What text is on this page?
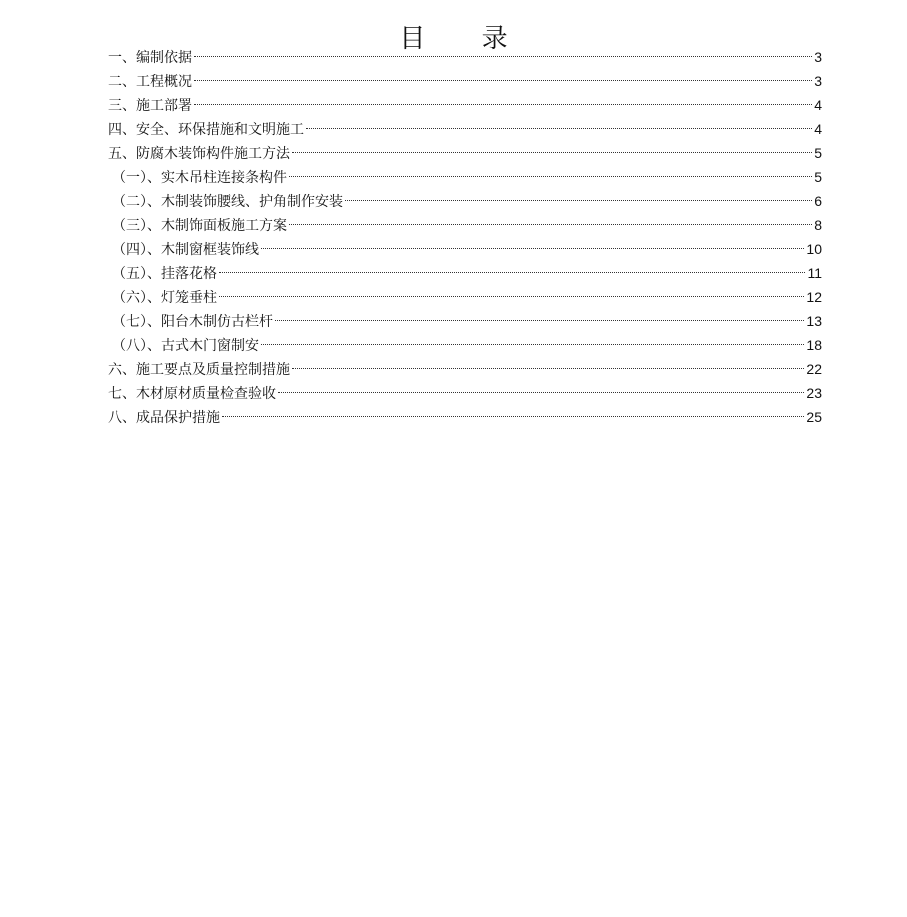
目 录
一、编制依据	3
二、工程概况	3
三、施工部署	4
四、安全、环保措施和文明施工	4
五、防腐木装饰构件施工方法	5
（一）、实木吊柱连接条构件	5
（二）、木制装饰腰线、护角制作安装	6
（三）、木制饰面板施工方案	8
（四）、木制窗框装饰线	10
（五）、挂落花格	11
（六）、灯笼垂柱	12
（七）、阳台木制仿古栏杆	13
（八）、古式木门窗制安	18
六、施工要点及质量控制措施	22
七、木材原材质量检查验收	23
八、成品保护措施	25
